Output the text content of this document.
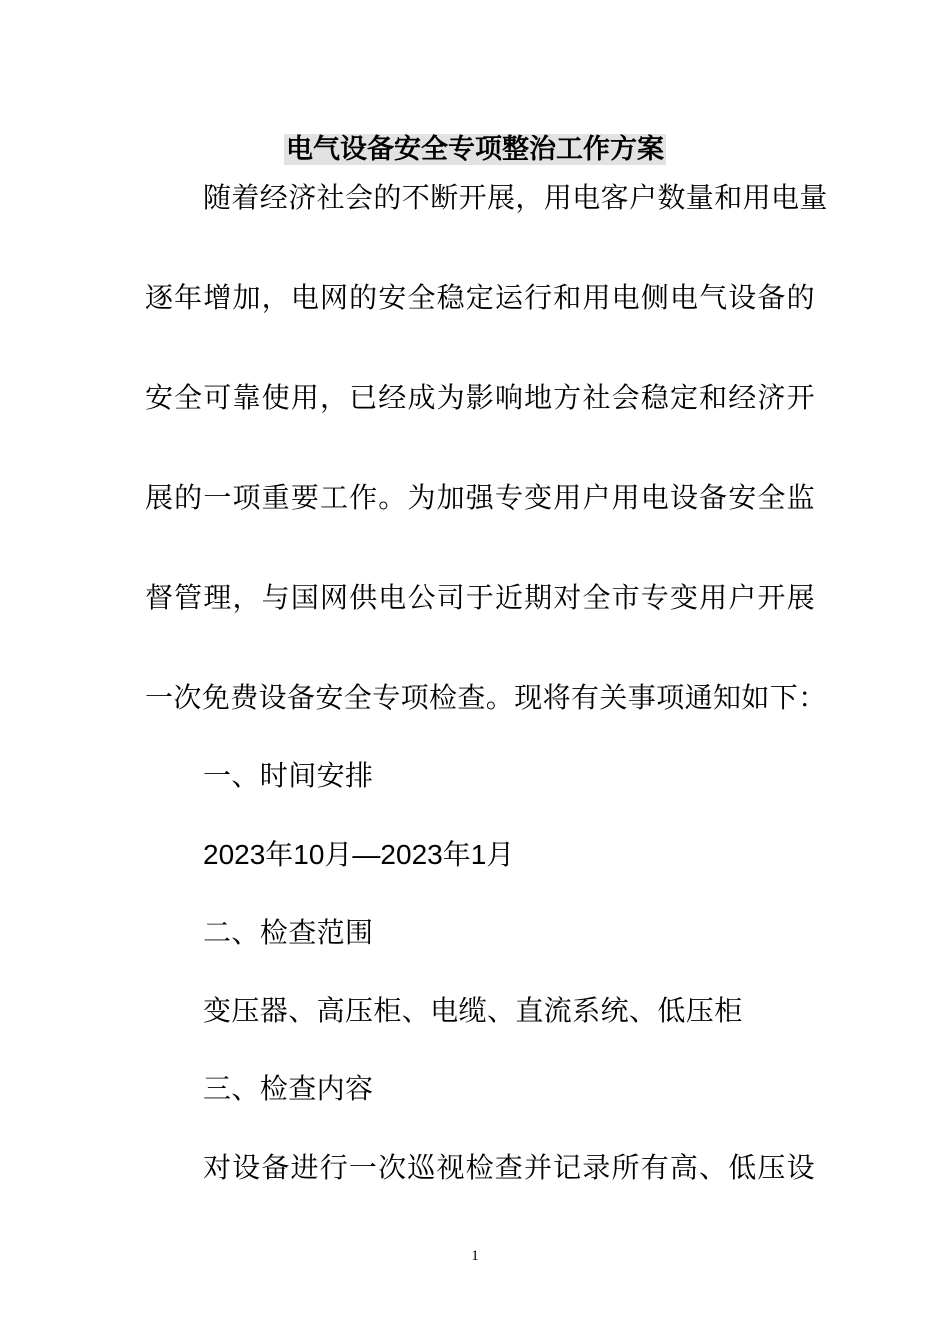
电气设备安全专项整治工作方案
随着经济社会的不断开展，用电客户数量和用电量
逐年增加，电网的安全稳定运行和用电侧电气设备的
安全可靠使用，已经成为影响地方社会稳定和经济开
展的一项重要工作。为加强专变用户用电设备安全监
督管理，与国网供电公司于近期对全市专变用户开展
一次免费设备安全专项检查。现将有关事项通知如下：
一、时间安排
2023年10月—2023年1月
二、检查范围
变压器、高压柜、电缆、直流系统、低压柜
三、检查内容
对设备进行一次巡视检查并记录所有高、低压设
1
